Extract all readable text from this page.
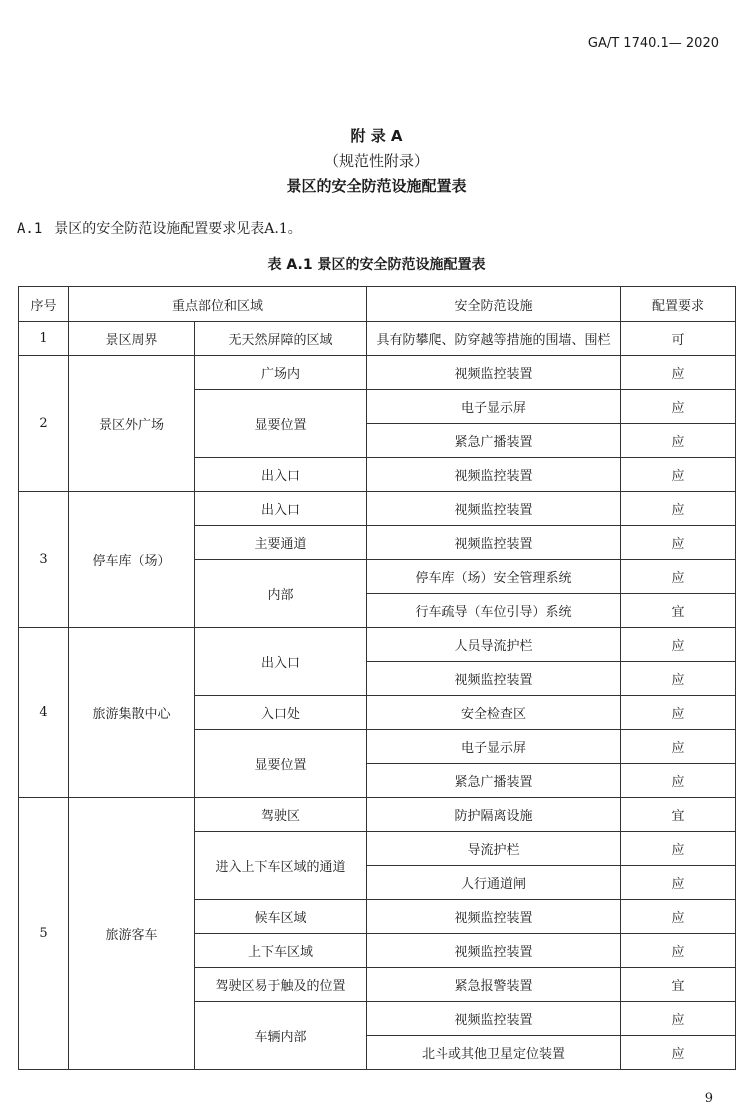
GA/T 1740.1— 2020
附 录 A
（规范性附录）
景区的安全防范设施配置表
A.1 景区的安全防范设施配置要求见表A.1。
表 A.1 景区的安全防范设施配置表
序号	重点部位和区域		安全防范设施	配置要求
1	景区周界	无天然屏障的区域	具有防攀爬、防穿越等措施的围墙、围栏	可
2	景区外广场	广场内	视频监控装置	应
		显要位置	电子显示屏	应
			紧急广播装置	应
		出入口	视频监控装置	应
3	停车库（场）	出入口	视频监控装置	应
		主要通道	视频监控装置	应
		内部	停车库（场）安全管理系统	应
			行车疏导（车位引导）系统	宜
4	旅游集散中心	出入口	人员导流护栏	应
			视频监控装置	应
		入口处	安全检查区	应
		显要位置	电子显示屏	应
			紧急广播装置	应
5	旅游客车	驾驶区	防护隔离设施	宜
		进入上下车区域的通道	导流护栏	应
			人行通道闸	应
		候车区域	视频监控装置	应
		上下车区域	视频监控装置	应
		驾驶区易于触及的位置	紧急报警装置	宜
		车辆内部	视频监控装置	应
			北斗或其他卫星定位装置	应
9
